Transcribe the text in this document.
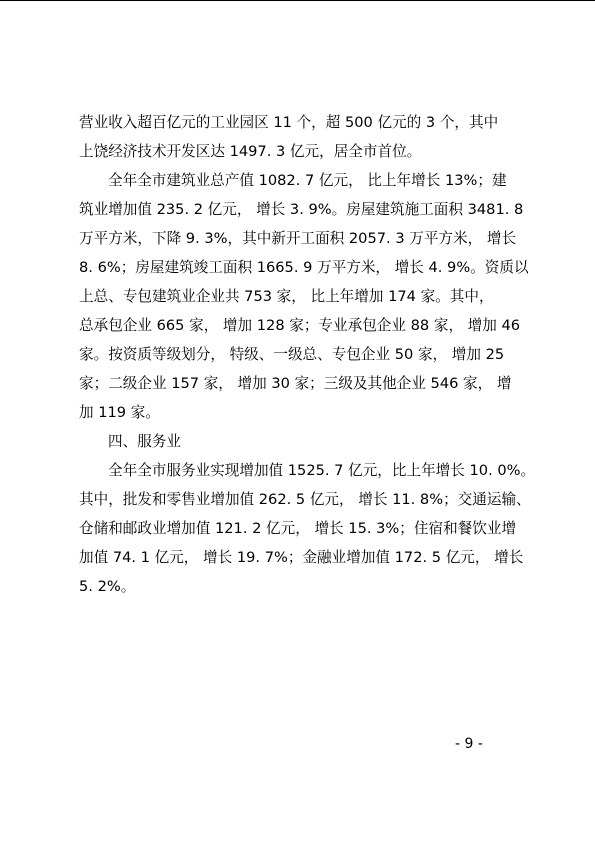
营业收入超百亿元的工业园区 11 个，超 500 亿元的 3 个，其中

上饶经济技术开发区达 1497. 3 亿元，居全市首位。

全年全市建筑业总产值 1082. 7 亿元， 比上年增长 13%；建

筑业增加值 235. 2 亿元， 增长 3. 9%。房屋建筑施工面积 3481. 8

万平方米，下降 9. 3%，其中新开工面积 2057. 3 万平方米， 增长

8. 6%；房屋建筑竣工面积 1665. 9 万平方米， 增长 4. 9%。资质以

上总、专包建筑业企业共 753 家， 比上年增加 174 家。其中，

总承包企业 665 家， 增加 128 家；专业承包企业 88 家， 增加 46

家。按资质等级划分， 特级、一级总、专包企业 50 家， 增加 25

家；二级企业 157 家， 增加 30 家；三级及其他企业 546 家， 增

加 119 家。

四、服务业

全年全市服务业实现增加值 1525. 7 亿元，比上年增长 10. 0%。

其中，批发和零售业增加值 262. 5 亿元， 增长 11. 8%；交通运输、

仓储和邮政业增加值 121. 2 亿元， 增长 15. 3%；住宿和餐饮业增

加值 74. 1 亿元， 增长 19. 7%；金融业增加值 172. 5 亿元， 增长

5. 2%。

- 9 -
